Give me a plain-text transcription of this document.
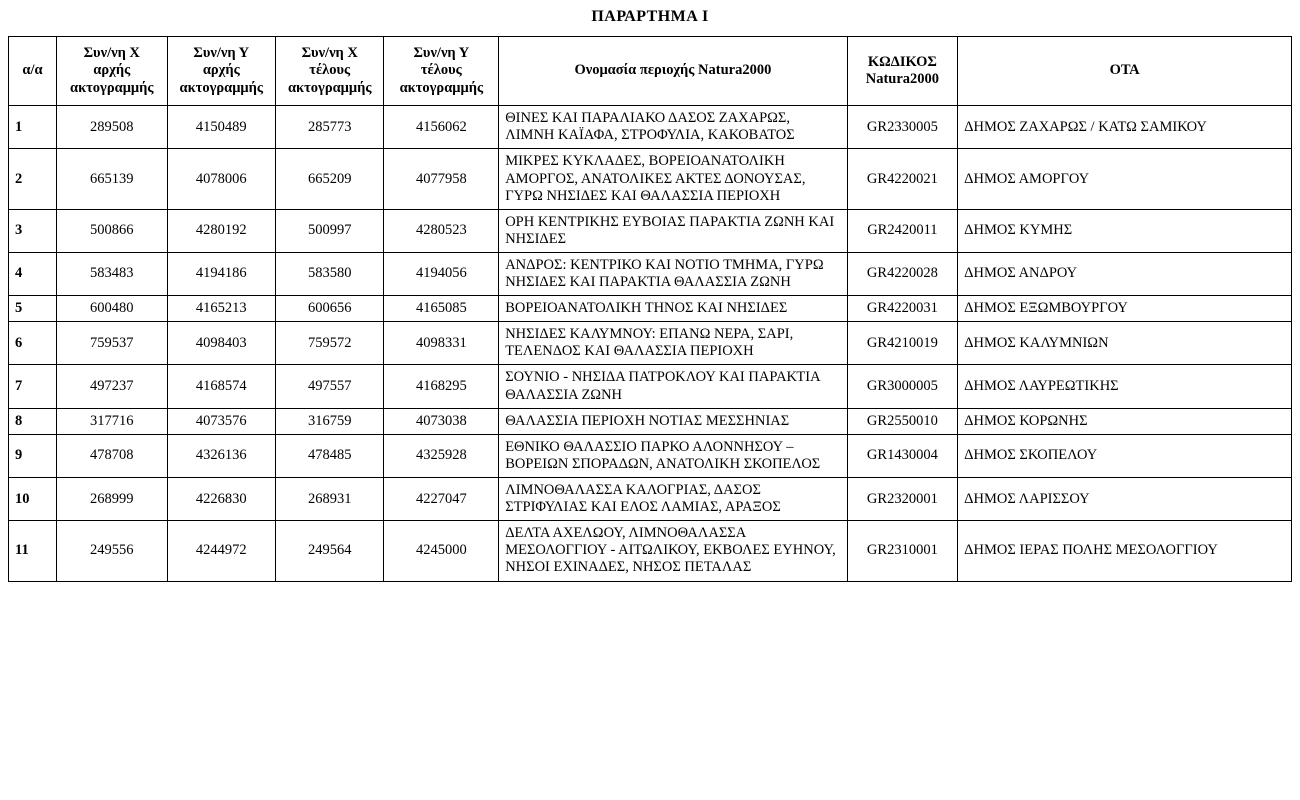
ΠΑΡΑΡΤΗΜΑ Ι
α/α	Συν/νη Χ
αρχής
ακτογραμμής	Συν/νη Υ
αρχής
ακτογραμμής	Συν/νη Χ
τέλους
ακτογραμμής	Συν/νη Υ
τέλους
ακτογραμμής	Ονομασία περιοχής Natura2000	ΚΩΔΙΚΟΣ
Natura2000	ΟΤΑ
1	289508	4150489	285773	4156062	ΘΙΝΕΣ ΚΑΙ ΠΑΡΑΛΙΑΚΟ ΔΑΣΟΣ ΖΑΧΑΡΩΣ, ΛΙΜΝΗ ΚΑΪΑΦΑ, ΣΤΡΟΦΥΛΙΑ, ΚΑΚΟΒΑΤΟΣ	GR2330005	ΔΗΜΟΣ ΖΑΧΑΡΩΣ / ΚΑΤΩ ΣΑΜΙΚΟΥ
2	665139	4078006	665209	4077958	ΜΙΚΡΕΣ ΚΥΚΛΑΔΕΣ, ΒΟΡΕΙΟΑΝΑΤΟΛΙΚΗ ΑΜΟΡΓΟΣ, ΑΝΑΤΟΛΙΚΕΣ ΑΚΤΕΣ ΔΟΝΟΥΣΑΣ, ΓΥΡΩ ΝΗΣΙΔΕΣ ΚΑΙ ΘΑΛΑΣΣΙΑ ΠΕΡΙΟΧΗ	GR4220021	ΔΗΜΟΣ ΑΜΟΡΓΟΥ
3	500866	4280192	500997	4280523	ΟΡΗ ΚΕΝΤΡΙΚΗΣ ΕΥΒΟΙΑΣ ΠΑΡΑΚΤΙΑ ΖΩΝΗ ΚΑΙ ΝΗΣΙΔΕΣ	GR2420011	ΔΗΜΟΣ ΚΥΜΗΣ
4	583483	4194186	583580	4194056	ΑΝΔΡΟΣ: ΚΕΝΤΡΙΚΟ ΚΑΙ ΝΟΤΙΟ ΤΜΗΜΑ, ΓΥΡΩ ΝΗΣΙΔΕΣ ΚΑΙ ΠΑΡΑΚΤΙΑ ΘΑΛΑΣΣΙΑ ΖΩΝΗ	GR4220028	ΔΗΜΟΣ ΑΝΔΡΟΥ
5	600480	4165213	600656	4165085	ΒΟΡΕΙΟΑΝΑΤΟΛΙΚΗ ΤΗΝΟΣ ΚΑΙ ΝΗΣΙΔΕΣ	GR4220031	ΔΗΜΟΣ ΕΞΩΜΒΟΥΡΓΟΥ
6	759537	4098403	759572	4098331	ΝΗΣΙΔΕΣ ΚΑΛΥΜΝΟΥ: ΕΠΑΝΩ ΝΕΡΑ, ΣΑΡΙ, ΤΕΛΕΝΔΟΣ ΚΑΙ ΘΑΛΑΣΣΙΑ ΠΕΡΙΟΧΗ	GR4210019	ΔΗΜΟΣ ΚΑΛΥΜΝΙΩΝ
7	497237	4168574	497557	4168295	ΣΟΥΝΙΟ - ΝΗΣΙΔΑ ΠΑΤΡΟΚΛΟΥ ΚΑΙ ΠΑΡΑΚΤΙΑ ΘΑΛΑΣΣΙΑ ΖΩΝΗ	GR3000005	ΔΗΜΟΣ ΛΑΥΡΕΩΤΙΚΗΣ
8	317716	4073576	316759	4073038	ΘΑΛΑΣΣΙΑ ΠΕΡΙΟΧΗ ΝΟΤΙΑΣ ΜΕΣΣΗΝΙΑΣ	GR2550010	ΔΗΜΟΣ ΚΟΡΩΝΗΣ
9	478708	4326136	478485	4325928	ΕΘΝΙΚΟ ΘΑΛΑΣΣΙΟ ΠΑΡΚΟ ΑΛΟΝΝΗΣΟΥ – ΒΟΡΕΙΩΝ ΣΠΟΡΑΔΩΝ, ΑΝΑΤΟΛΙΚΗ ΣΚΟΠΕΛΟΣ	GR1430004	ΔΗΜΟΣ ΣΚΟΠΕΛΟΥ
10	268999	4226830	268931	4227047	ΛΙΜΝΟΘΑΛΑΣΣΑ ΚΑΛΟΓΡΙΑΣ, ΔΑΣΟΣ ΣΤΡΙΦΥΛΙΑΣ ΚΑΙ ΕΛΟΣ ΛΑΜΙΑΣ, ΑΡΑΞΟΣ	GR2320001	ΔΗΜΟΣ ΛΑΡΙΣΣΟΥ
11	249556	4244972	249564	4245000	ΔΕΛΤΑ ΑΧΕΛΩΟΥ, ΛΙΜΝΟΘΑΛΑΣΣΑ ΜΕΣΟΛΟΓΓΙΟΥ - ΑΙΤΩΛΙΚΟΥ, ΕΚΒΟΛΕΣ ΕΥΗΝΟΥ, ΝΗΣΟΙ ΕΧΙΝΑΔΕΣ, ΝΗΣΟΣ ΠΕΤΑΛΑΣ	GR2310001	ΔΗΜΟΣ ΙΕΡΑΣ ΠΟΛΗΣ ΜΕΣΟΛΟΓΓΙΟΥ
